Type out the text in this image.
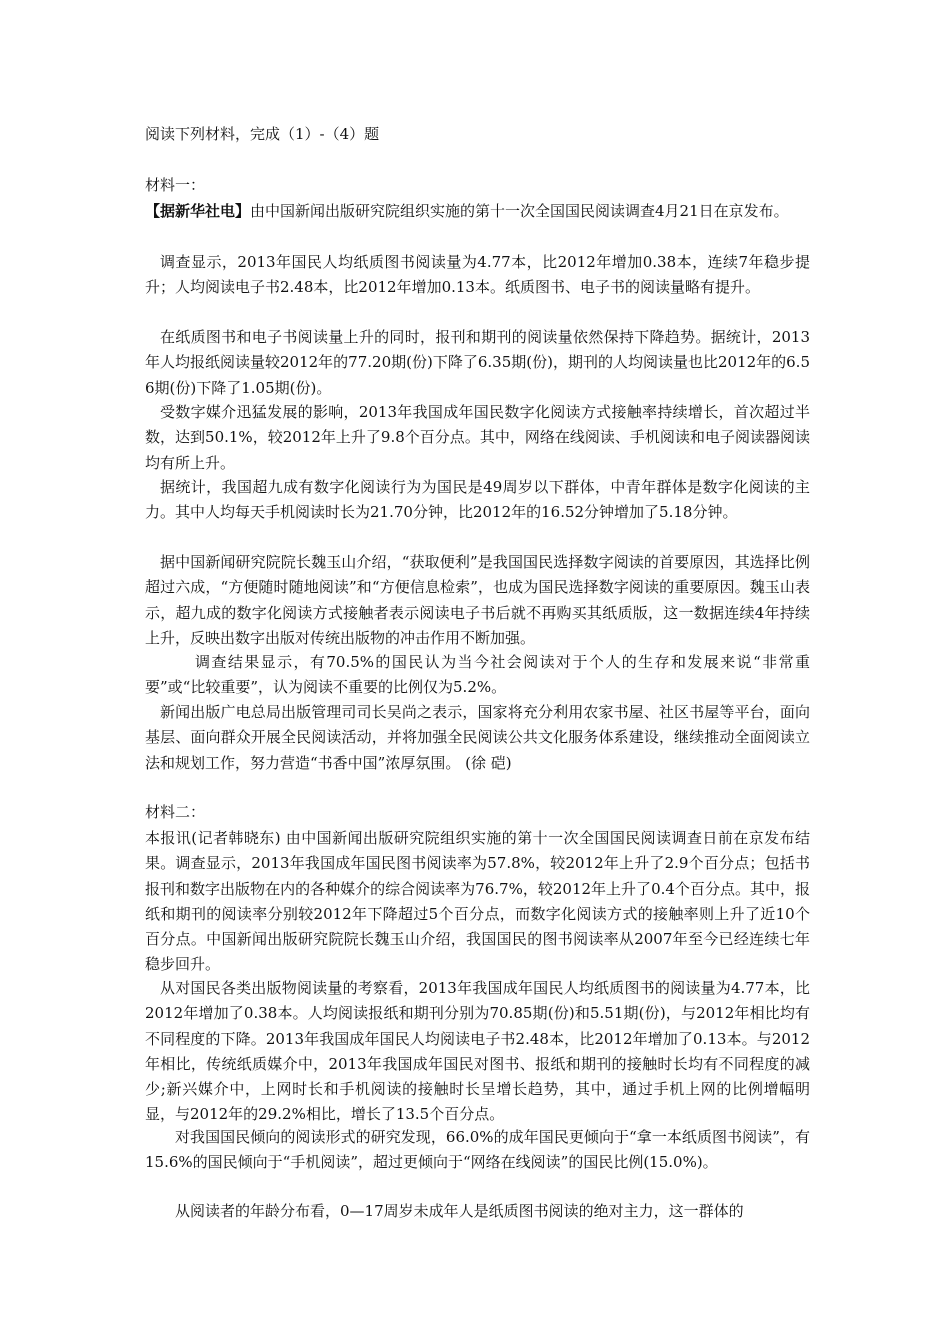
阅读下列材料，完成（1）-（4）题

材料一：

【据新华社电】由中国新闻出版研究院组织实施的第十一次全国国民阅读调查4月21日在京发布。

调查显示，2013年国民人均纸质图书阅读量为4.77本，比2012年增加0.38本，连续7年稳步提升；人均阅读电子书2.48本，比2012年增加0.13本。纸质图书、电子书的阅读量略有提升。

在纸质图书和电子书阅读量上升的同时，报刊和期刊的阅读量依然保持下降趋势。据统计，2013年人均报纸阅读量较2012年的77.20期(份)下降了6.35期(份)，期刊的人均阅读量也比2012年的6.56期(份)下降了1.05期(份)。

受数字媒介迅猛发展的影响，2013年我国成年国民数字化阅读方式接触率持续增长，首次超过半数，达到50.1%，较2012年上升了9.8个百分点。其中，网络在线阅读、手机阅读和电子阅读器阅读均有所上升。

据统计，我国超九成有数字化阅读行为为国民是49周岁以下群体，中青年群体是数字化阅读的主力。其中人均每天手机阅读时长为21.70分钟，比2012年的16.52分钟增加了5.18分钟。

据中国新闻研究院院长魏玉山介绍，“获取便利”是我国国民选择数字阅读的首要原因，其选择比例超过六成，“方便随时随地阅读”和“方便信息检索”，也成为国民选择数字阅读的重要原因。魏玉山表示，超九成的数字化阅读方式接触者表示阅读电子书后就不再购买其纸质版，这一数据连续4年持续上升，反映出数字出版对传统出版物的冲击作用不断加强。

调查结果显示，有70.5%的国民认为当今社会阅读对于个人的生存和发展来说“非常重要”或“比较重要”，认为阅读不重要的比例仅为5.2%。

新闻出版广电总局出版管理司司长吴尚之表示，国家将充分利用农家书屋、社区书屋等平台，面向基层、面向群众开展全民阅读活动，并将加强全民阅读公共文化服务体系建设，继续推动全面阅读立法和规划工作，努力营造“书香中国”浓厚氛围。 (徐 硙)

材料二：

本报讯(记者韩晓东) 由中国新闻出版研究院组织实施的第十一次全国国民阅读调查日前在京发布结果。调查显示，2013年我国成年国民图书阅读率为57.8%，较2012年上升了2.9个百分点；包括书报刊和数字出版物在内的各种媒介的综合阅读率为76.7%，较2012年上升了0.4个百分点。其中，报纸和期刊的阅读率分别较2012年下降超过5个百分点，而数字化阅读方式的接触率则上升了近10个百分点。中国新闻出版研究院院长魏玉山介绍，我国国民的图书阅读率从2007年至今已经连续七年稳步回升。

从对国民各类出版物阅读量的考察看，2013年我国成年国民人均纸质图书的阅读量为4.77本，比2012年增加了0.38本。人均阅读报纸和期刊分别为70.85期(份)和5.51期(份)，与2012年相比均有不同程度的下降。2013年我国成年国民人均阅读电子书2.48本，比2012年增加了0.13本。与2012年相比，传统纸质媒介中，2013年我国成年国民对图书、报纸和期刊的接触时长均有不同程度的减少;新兴媒介中，上网时长和手机阅读的接触时长呈增长趋势，其中，通过手机上网的比例增幅明显，与2012年的29.2%相比，增长了13.5个百分点。

对我国国民倾向的阅读形式的研究发现，66.0%的成年国民更倾向于“拿一本纸质图书阅读”，有15.6%的国民倾向于“手机阅读”，超过更倾向于“网络在线阅读”的国民比例(15.0%)。

从阅读者的年龄分布看，0—17周岁未成年人是纸质图书阅读的绝对主力，这一群体的
